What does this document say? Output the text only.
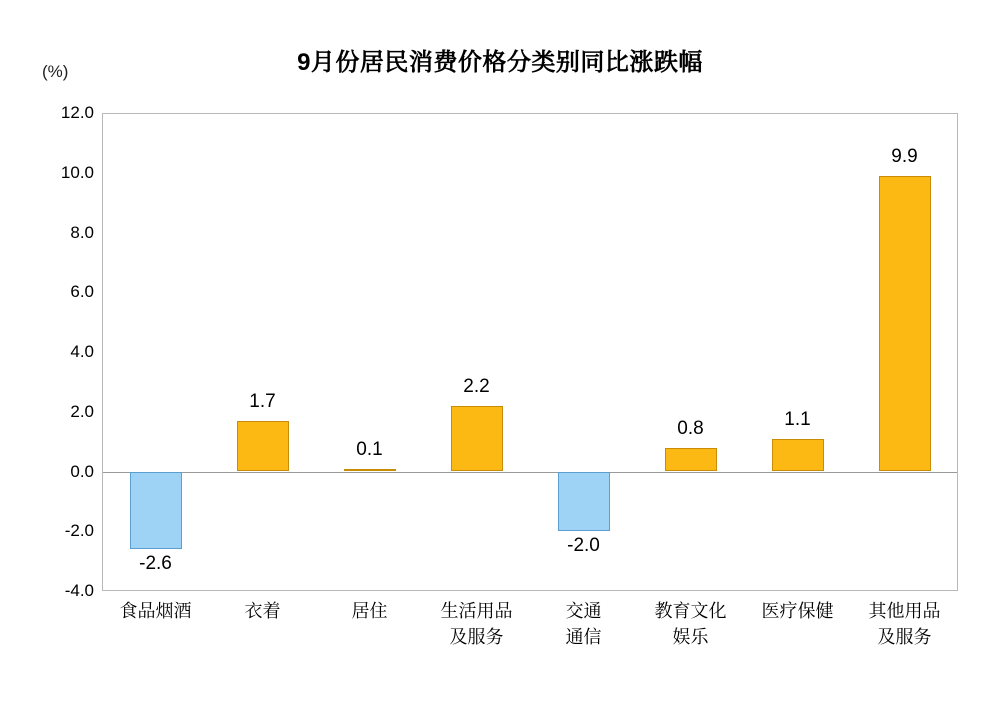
9月份居民消费价格分类别同比涨跌幅
(%)
12.0
10.0
8.0
6.0
4.0
2.0
0.0
-2.0
-4.0
-2.6
1.7
0.1
2.2
-2.0
0.8	1.1
9.9
食品烟酒	衣着	居住	生活用品
及服务
交通
通信
教育文化
娱乐
医疗保健 其他用品
及服务
